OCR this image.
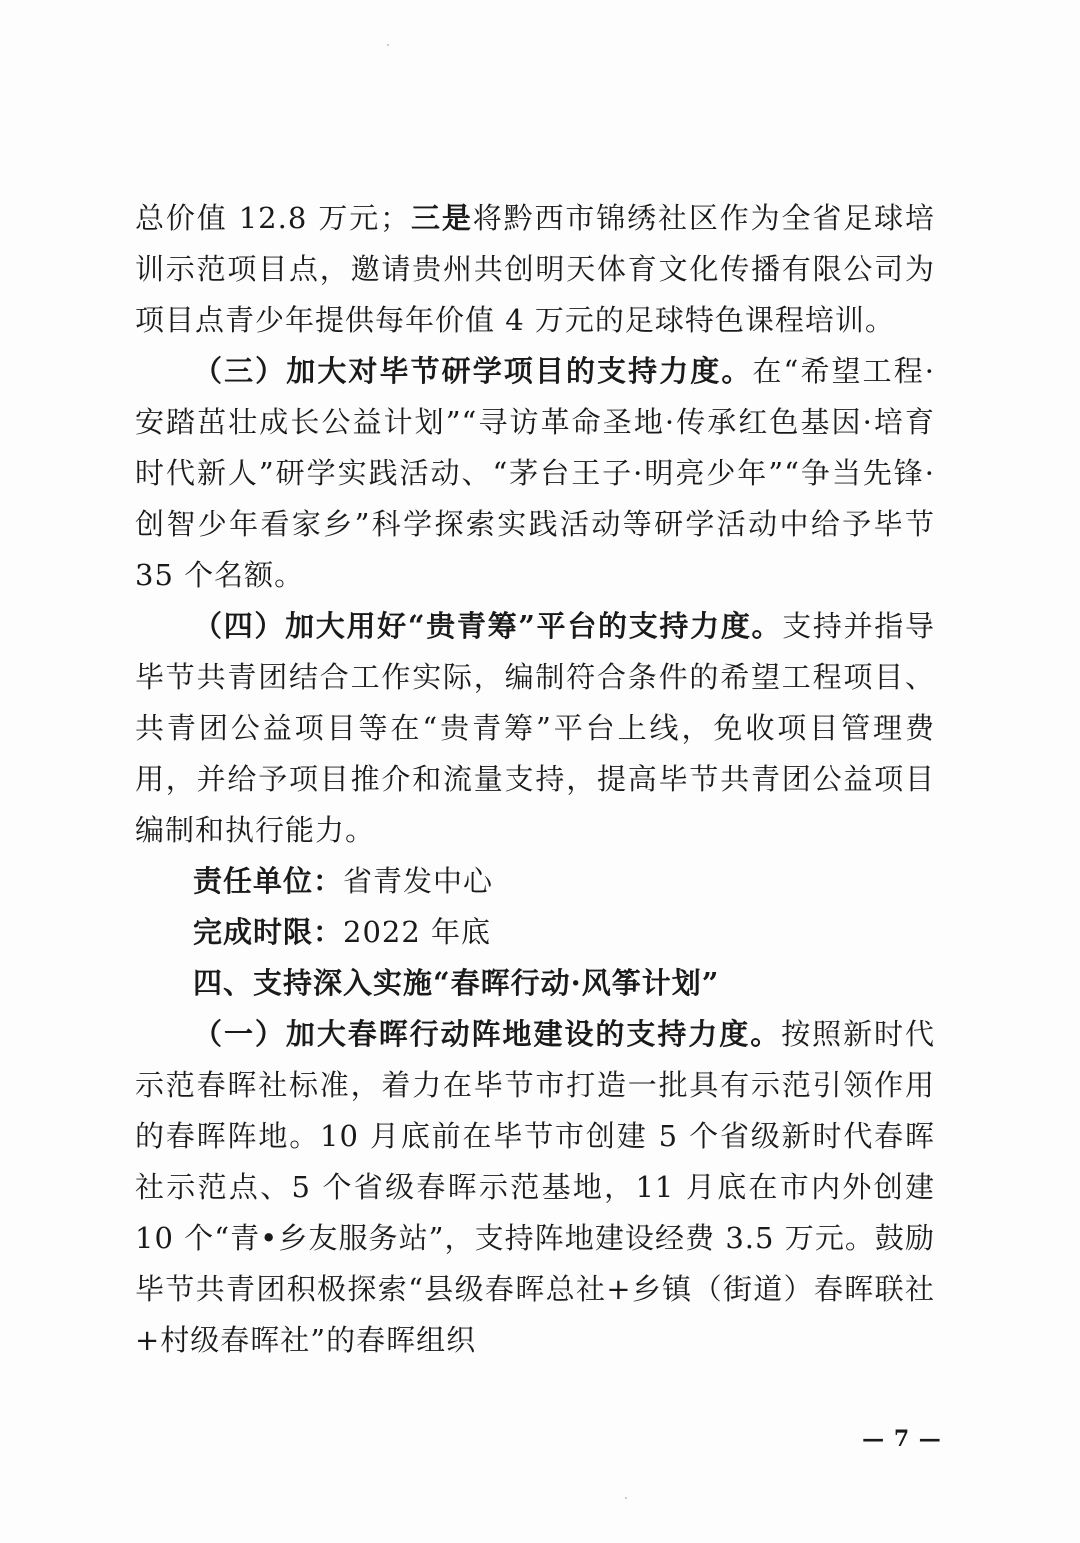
总价值 12.8 万元；三是将黔西市锦绣社区作为全省足球培训示范项目点，邀请贵州共创明天体育文化传播有限公司为项目点青少年提供每年价值 4 万元的足球特色课程培训。

（三）加大对毕节研学项目的支持力度。在“希望工程·安踏茁壮成长公益计划”“寻访革命圣地·传承红色基因·培育时代新人”研学实践活动、“茅台王子·明亮少年”“争当先锋·创智少年看家乡”科学探索实践活动等研学活动中给予毕节 35 个名额。

（四）加大用好“贵青筹”平台的支持力度。支持并指导毕节共青团结合工作实际，编制符合条件的希望工程项目、共青团公益项目等在“贵青筹”平台上线，免收项目管理费用，并给予项目推介和流量支持，提高毕节共青团公益项目编制和执行能力。

责任单位：省青发中心

完成时限：2022 年底

四、支持深入实施“春晖行动·风筝计划”

（一）加大春晖行动阵地建设的支持力度。按照新时代示范春晖社标准，着力在毕节市打造一批具有示范引领作用的春晖阵地。10 月底前在毕节市创建 5 个省级新时代春晖社示范点、5 个省级春晖示范基地，11 月底在市内外创建 10 个“青•乡友服务站”，支持阵地建设经费 3.5 万元。鼓励毕节共青团积极探索“县级春晖总社+乡镇（街道）春晖联社+村级春晖社”的春晖组织

— 7 —
